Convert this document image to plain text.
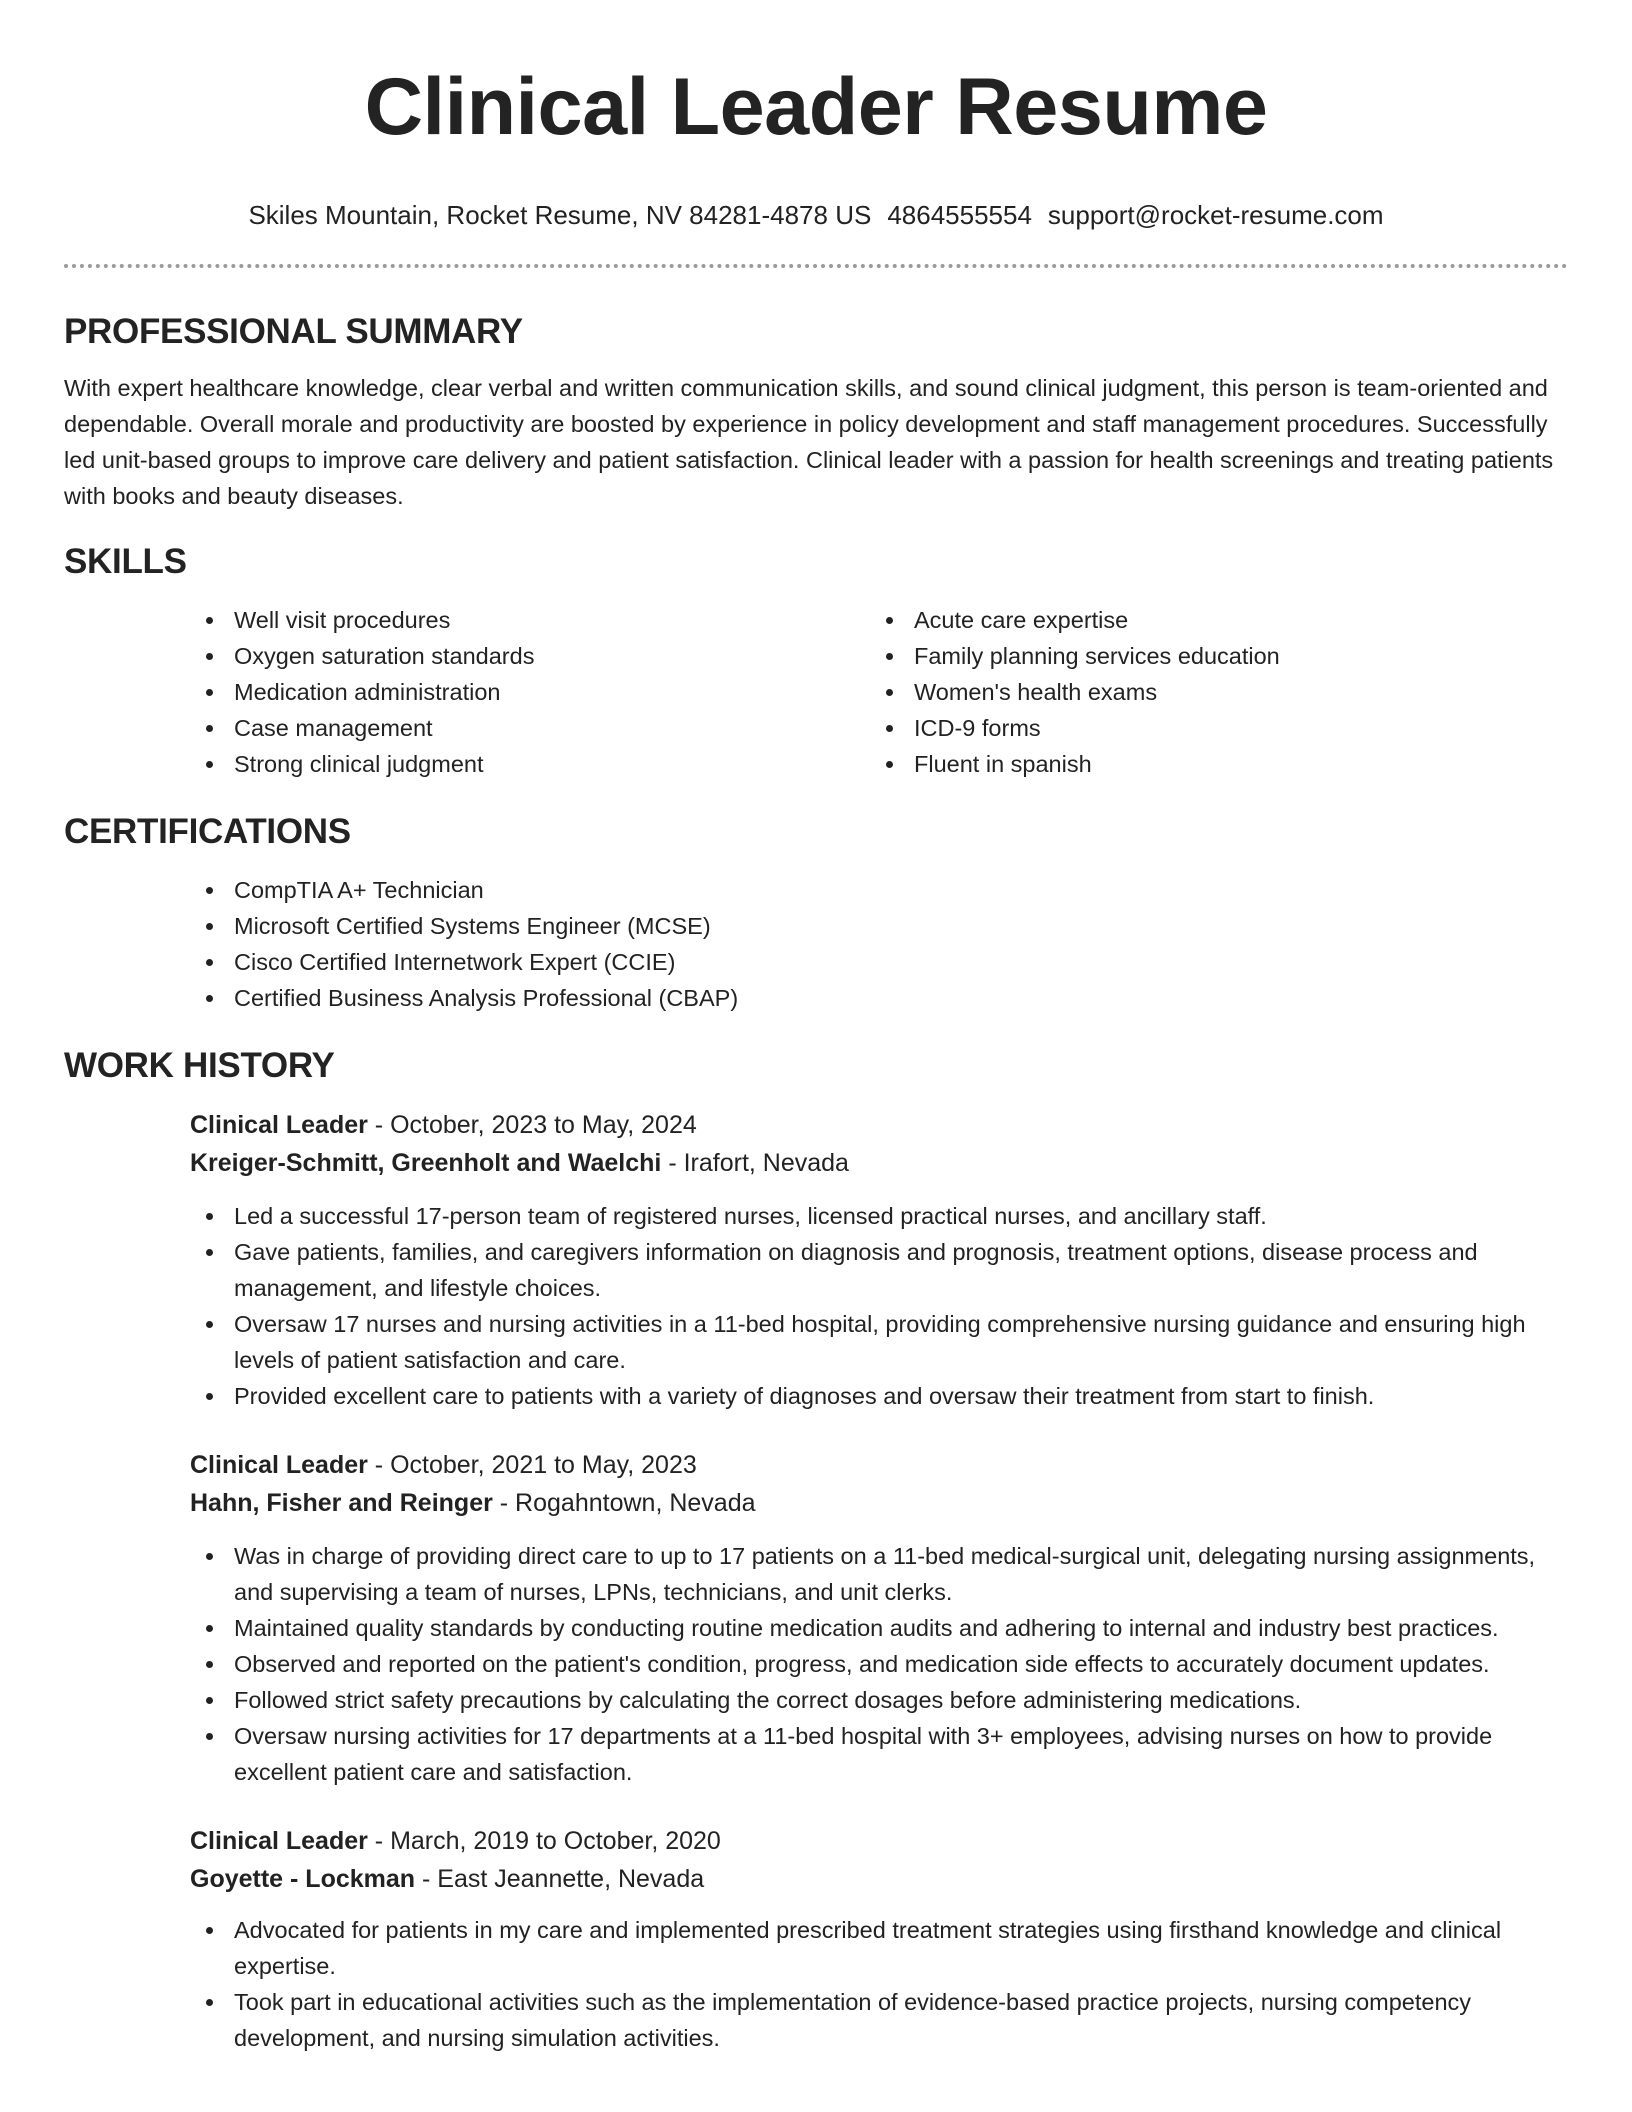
Clinical Leader Resume
Skiles Mountain, Rocket Resume, NV 84281-4878 US 4864555554 support@rocket-resume.com
PROFESSIONAL SUMMARY

With expert healthcare knowledge, clear verbal and written communication skills, and sound clinical judgment, this person is team-oriented and dependable. Overall morale and productivity are boosted by experience in policy development and staff management procedures. Successfully led unit-based groups to improve care delivery and patient satisfaction. Clinical leader with a passion for health screenings and treating patients with books and beauty diseases.

SKILLS
Well visit procedures
Oxygen saturation standards
Medication administration
Case management
Strong clinical judgment
Acute care expertise
Family planning services education
Women's health exams
ICD-9 forms
Fluent in spanish
CERTIFICATIONS
CompTIA A+ Technician
Microsoft Certified Systems Engineer (MCSE)
Cisco Certified Internetwork Expert (CCIE)
Certified Business Analysis Professional (CBAP)
WORK HISTORY
Clinical Leader - October, 2023 to May, 2024
Kreiger-Schmitt, Greenholt and Waelchi - Irafort, Nevada
Led a successful 17-person team of registered nurses, licensed practical nurses, and ancillary staff.
Gave patients, families, and caregivers information on diagnosis and prognosis, treatment options, disease process and management, and lifestyle choices.
Oversaw 17 nurses and nursing activities in a 11-bed hospital, providing comprehensive nursing guidance and ensuring high levels of patient satisfaction and care.
Provided excellent care to patients with a variety of diagnoses and oversaw their treatment from start to finish.
Clinical Leader - October, 2021 to May, 2023
Hahn, Fisher and Reinger - Rogahntown, Nevada
Was in charge of providing direct care to up to 17 patients on a 11-bed medical-surgical unit, delegating nursing assignments, and supervising a team of nurses, LPNs, technicians, and unit clerks.
Maintained quality standards by conducting routine medication audits and adhering to internal and industry best practices.
Observed and reported on the patient's condition, progress, and medication side effects to accurately document updates.
Followed strict safety precautions by calculating the correct dosages before administering medications.
Oversaw nursing activities for 17 departments at a 11-bed hospital with 3+ employees, advising nurses on how to provide excellent patient care and satisfaction.
Clinical Leader - March, 2019 to October, 2020
Goyette - Lockman - East Jeannette, Nevada
Advocated for patients in my care and implemented prescribed treatment strategies using firsthand knowledge and clinical expertise.
Took part in educational activities such as the implementation of evidence-based practice projects, nursing competency development, and nursing simulation activities.
